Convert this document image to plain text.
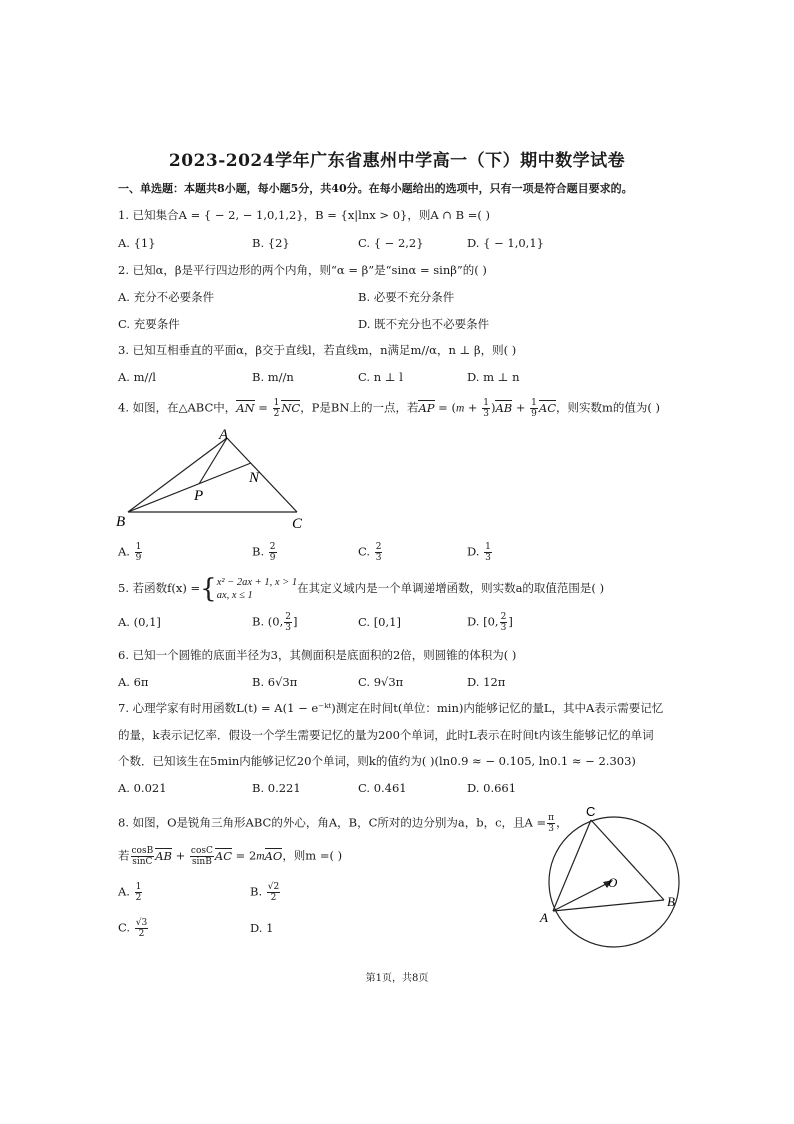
2023-2024学年广东省惠州中学高一（下）期中数学试卷
一、单选题：本题共8小题，每小题5分，共40分。在每小题给出的选项中，只有一项是符合题目要求的。
1. 已知集合A = { − 2, − 1,0,1,2}，B = {x|lnx > 0}，则A ∩ B =( )
A. {1}	B. {2}	C. { − 2,2}	D. { − 1,0,1}
2. 已知α，β是平行四边形的两个内角，则“α = β”是“sinα = sinβ”的( )
A. 充分不必要条件	B. 必要不充分条件
C. 充要条件	D. 既不充分也不必要条件
3. 已知互相垂直的平面α，β交于直线l，若直线m，n满足m//α，n ⊥ β，则( )
A. m//l	B. m//n	C. n ⊥ l	D. m ⊥ n
4. 如图，在△ABC中，AN = $\frac{1}{2}$ NC，P是BN上的一点，若AP = $(m + \frac{1}{3} )AB + \frac{1}{9}$ AC，则实数m的值为( )
A
B	C
N
P
A. $\frac{1}{9}$	B. $\frac{2}{9}$	C. $\frac{2}{3}$	D. $\frac{1}{3}$
5. 若函数f(x) ={x² − 2ax + 1, x > 1
ax, x ≤ 1在其定义域内是一个单调递增函数，则实数a的取值范围是( )
A. (0,1]	B. (0, $\frac{2}{3}$ ]	C. [0,1]	D. [0, $\frac{2}{3}$ ]
6. 已知一个圆锥的底面半径为3，其侧面积是底面积的2倍，则圆锥的体积为( )
A. 6π	B. 6√3π	C. 9√3π	D. 12π
7. 心理学家有时用函数L(t) = A(1 − e⁻ᵏᵗ)测定在时间t(单位：min)内能够记忆的量L，其中A表示需要记忆
的量，k表示记忆率．假设一个学生需要记忆的量为200个单词，此时L表示在时间t内该生能够记忆的单词
个数．已知该生在5min内能够记忆20个单词，则k的值约为( )(ln0.9 ≈ − 0.105, ln0.1 ≈ − 2.303)
A. 0.021	B. 0.221	C. 0.461	D. 0.661
8. 如图，O是锐角三角形ABC的外心，角A，B，C所对的边分别为a，b，c，且$A = \frac{\pi}{3}$ ，
若 $\frac{\cos B}{\sin C}$ AB + $\frac{\cos C}{\sin B}$ AC = 2mAO，则m =( )
A. $\frac{1}{2}$	B. $\frac{√2}{2}$
C. $\frac{√3}{2}$	D. 1
C
O
A
B
第1页，共8页
